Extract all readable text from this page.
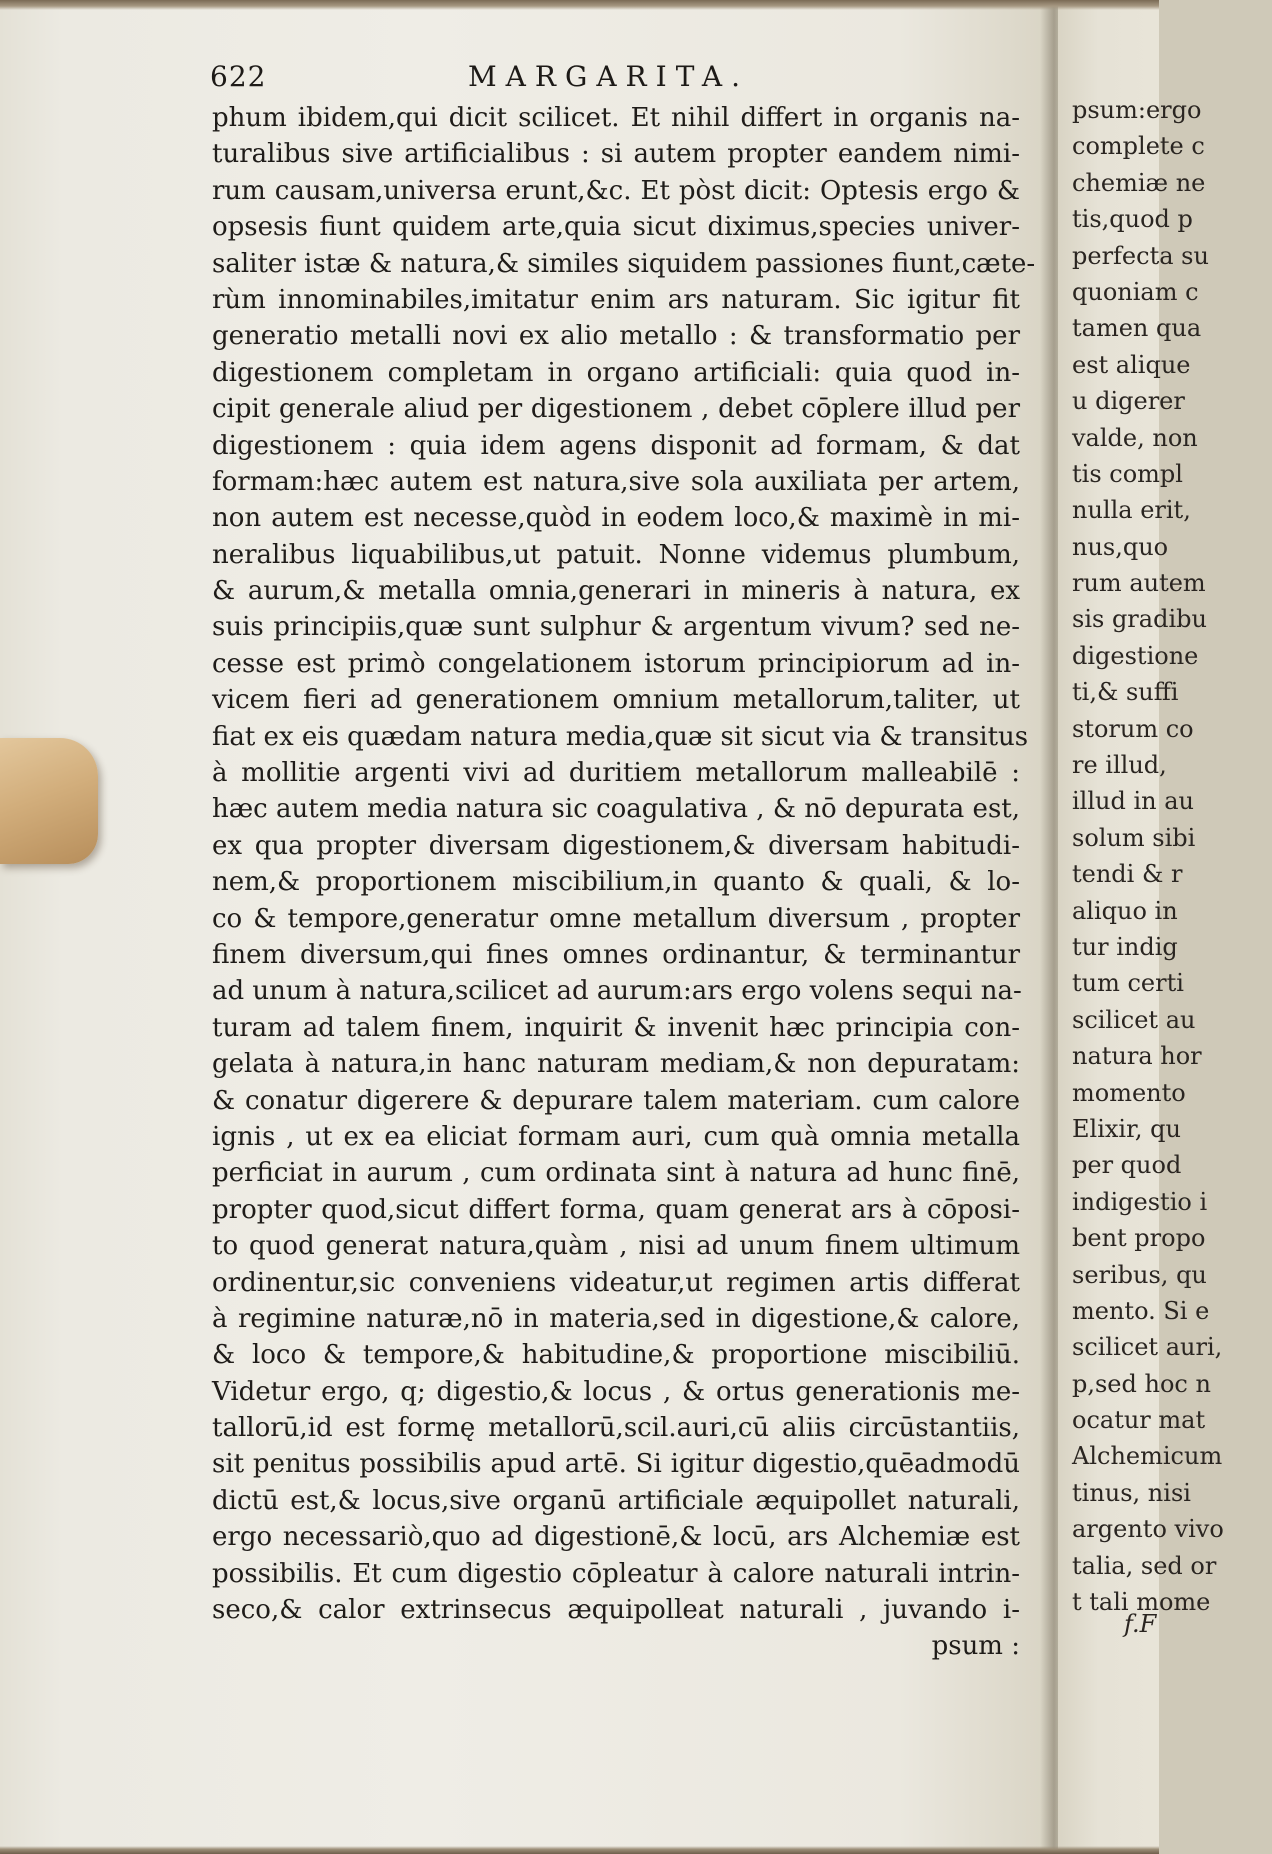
psum:ergo
complete c
chemiæ ne
tis,quod p
perfecta su
quoniam c
tamen qua
est alique
u digerer
valde, non
tis compl
nulla erit,
nus,quo
rum autem
sis gradibu
digestione
ti,& suffi
storum co
re illud,
illud in au
solum sibi
tendi & r
aliquo in
tur indig
tum certi
scilicet au
natura hor
momento
Elixir, qu
per quod
indigestio i
bent propo
seribus, qu
mento. Si e
scilicet auri,
p,sed hoc n
ocatur mat
Alchemicum
tinus, nisi
argento vivo
talia, sed or
t tali mome
f.F
622	MARGARITA.
phum ibidem,qui dicit scilicet. Et nihil differt in organis na-
turalibus sive artificialibus : si autem propter eandem nimi-
rum causam,universa erunt,&c. Et pòst dicit: Optesis ergo &
opsesis fiunt quidem arte,quia sicut diximus,species univer-
saliter istæ & natura,& similes siquidem passiones fiunt,cæte-
rùm innominabiles,imitatur enim ars naturam. Sic igitur fit
generatio metalli novi ex alio metallo : & transformatio per
digestionem completam in organo artificiali: quia quod in-
cipit generale aliud per digestionem , debet cōplere illud per
digestionem : quia idem agens disponit ad formam, & dat
formam:hæc autem est natura,sive sola auxiliata per artem,
non autem est necesse,quòd in eodem loco,& maximè in mi-
neralibus liquabilibus,ut patuit. Nonne videmus plumbum,
& aurum,& metalla omnia,generari in mineris à natura, ex
suis principiis,quæ sunt sulphur & argentum vivum? sed ne-
cesse est primò congelationem istorum principiorum ad in-
vicem fieri ad generationem omnium metallorum,taliter, ut
fiat ex eis quædam natura media,quæ sit sicut via & transitus
à mollitie argenti vivi ad duritiem metallorum malleabilē :
hæc autem media natura sic coagulativa , & nō depurata est,
ex qua propter diversam digestionem,& diversam habitudi-
nem,& proportionem miscibilium,in quanto & quali, & lo-
co & tempore,generatur omne metallum diversum , propter
finem diversum,qui fines omnes ordinantur, & terminantur
ad unum à natura,scilicet ad aurum:ars ergo volens sequi na-
turam ad talem finem, inquirit & invenit hæc principia con-
gelata à natura,in hanc naturam mediam,& non depuratam:
& conatur digerere & depurare talem materiam. cum calore
ignis , ut ex ea eliciat formam auri, cum quà omnia metalla
perficiat in aurum , cum ordinata sint à natura ad hunc finē,
propter quod,sicut differt forma, quam generat ars à cōposi-
to quod generat natura,quàm , nisi ad unum finem ultimum
ordinentur,sic conveniens videatur,ut regimen artis differat
à regimine naturæ,nō in materia,sed in digestione,& calore,
& loco & tempore,& habitudine,& proportione miscibiliū.
Videtur ergo, q; digestio,& locus , & ortus generationis me-
tallorū,id est formę metallorū,scil.auri,cū aliis circūstantiis,
sit penitus possibilis apud artē. Si igitur digestio,quēadmodū
dictū est,& locus,sive organū artificiale æquipollet naturali,
ergo necessariò,quo ad digestionē,& locū, ars Alchemiæ est
possibilis. Et cum digestio cōpleatur à calore naturali intrin-
seco,& calor extrinsecus æquipolleat naturali , juvando i-
psum :
